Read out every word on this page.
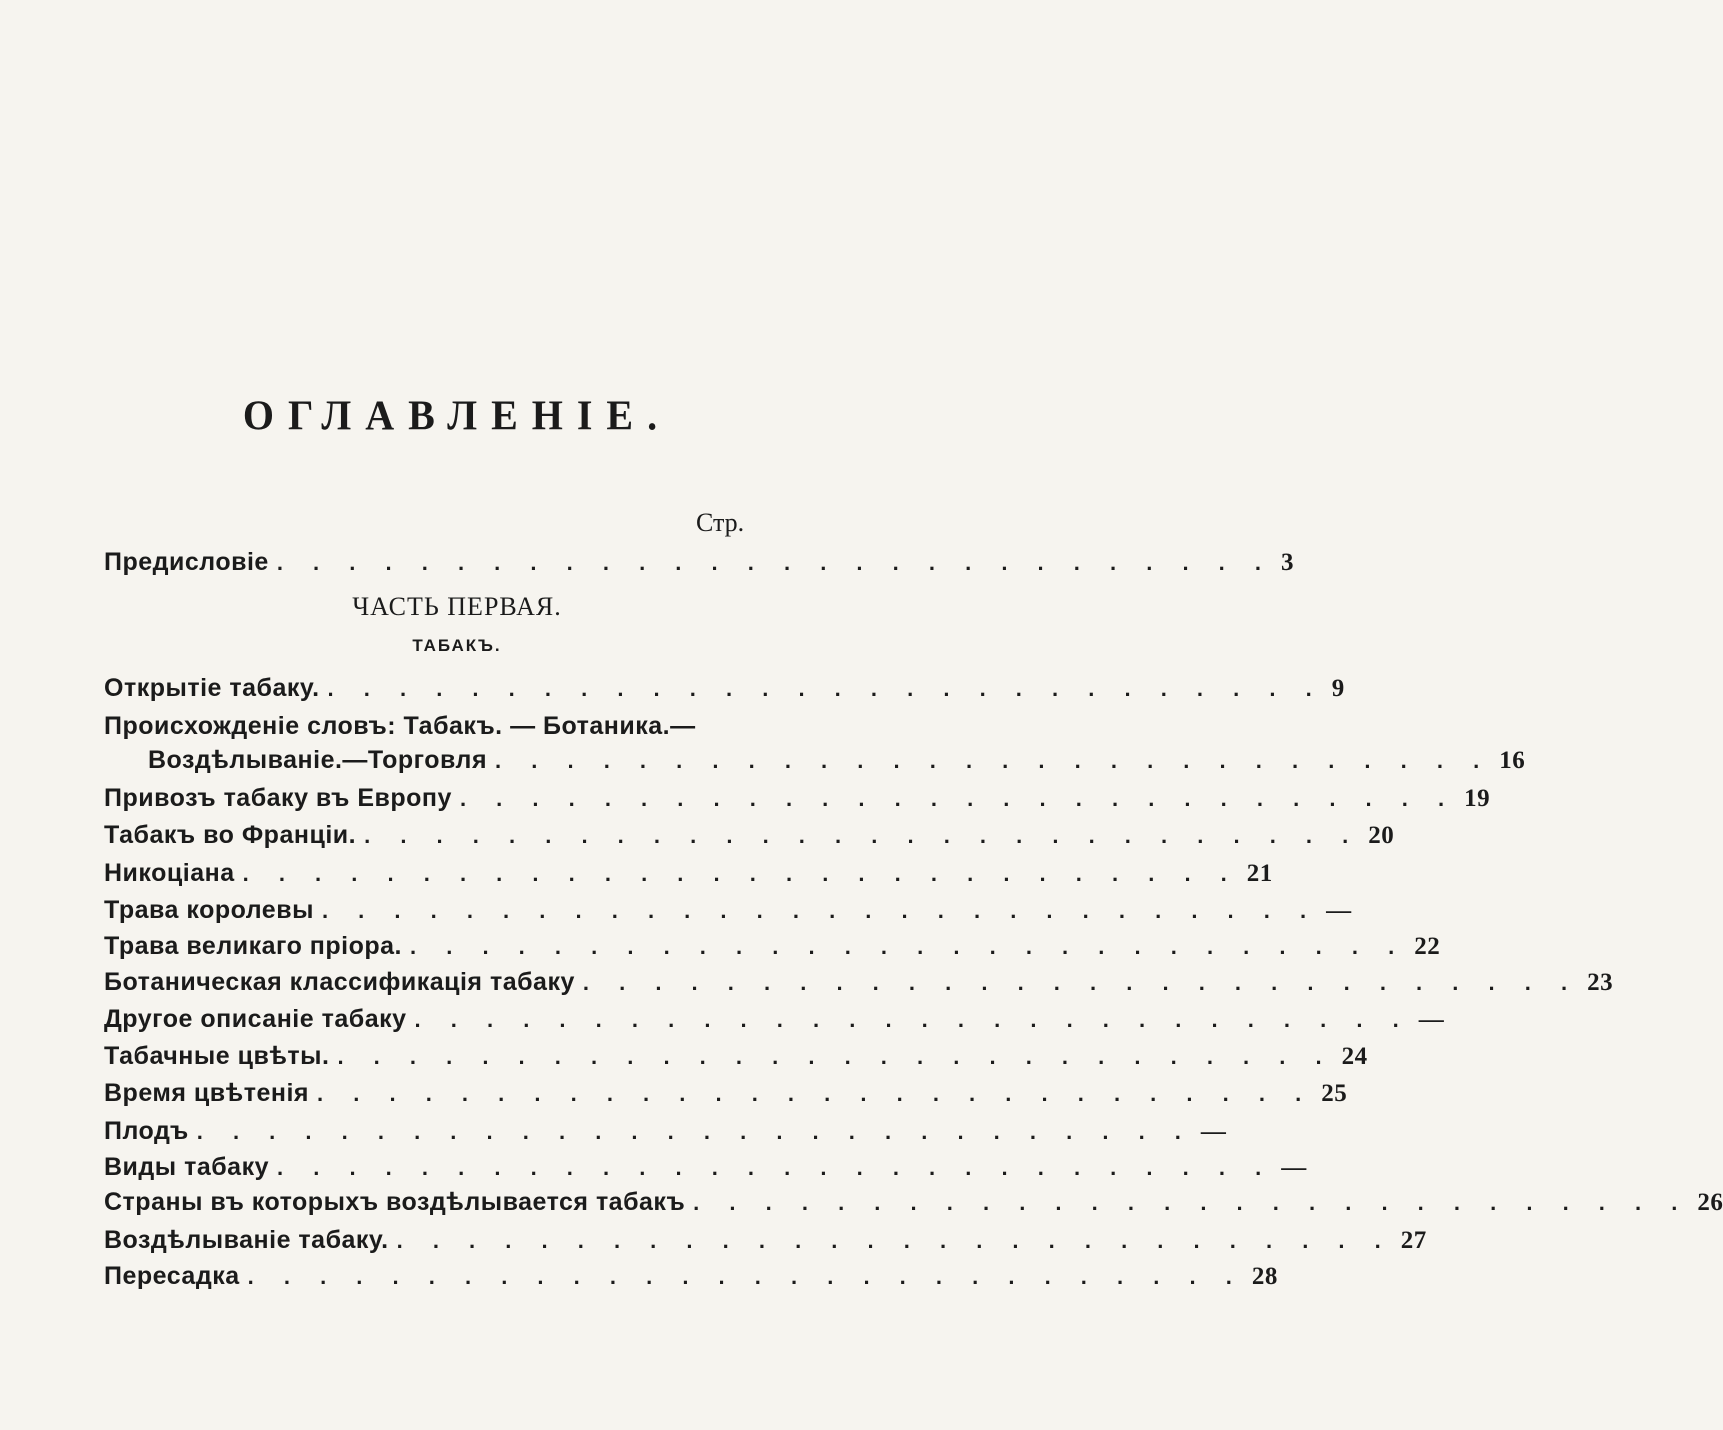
ОГЛАВЛЕНІЕ.
Стр.
Предисловіе . . . . . . . . . . . . . . . . . . . . . . . . . . . . 3
ЧАСТЬ ПЕРВАЯ.
ТАБАКЪ.
Открытіе табаку. . . . . . . . . . . . . . . . . . . . . . . . . . . . . 9
Происхожденіе словъ: Табакъ. — Ботаника.—
Воздѣлываніе.—Торговля . . . . . . . . . . . . . . . . . . . . . . . . . . . . 16
Привозъ табаку въ Европу . . . . . . . . . . . . . . . . . . . . . . . . . . . . 19
Табакъ во Франціи. . . . . . . . . . . . . . . . . . . . . . . . . . . . . 20
Никоціана . . . . . . . . . . . . . . . . . . . . . . . . . . . . 21
Трава королевы . . . . . . . . . . . . . . . . . . . . . . . . . . . . —
Трава великаго пріора. . . . . . . . . . . . . . . . . . . . . . . . . . . . . 22
Ботаническая классификація табаку . . . . . . . . . . . . . . . . . . . . . . . . . . . . 23
Другое описаніе табаку . . . . . . . . . . . . . . . . . . . . . . . . . . . . —
Табачные цвѣты. . . . . . . . . . . . . . . . . . . . . . . . . . . . . 24
Время цвѣтенія . . . . . . . . . . . . . . . . . . . . . . . . . . . . 25
Плодъ . . . . . . . . . . . . . . . . . . . . . . . . . . . . —
Виды табаку . . . . . . . . . . . . . . . . . . . . . . . . . . . . —
Страны въ которыхъ воздѣлывается табакъ . . . . . . . . . . . . . . . . . . . . . . . . . . . . 26
Воздѣлываніе табаку. . . . . . . . . . . . . . . . . . . . . . . . . . . . . 27
Пересадка . . . . . . . . . . . . . . . . . . . . . . . . . . . . 28
